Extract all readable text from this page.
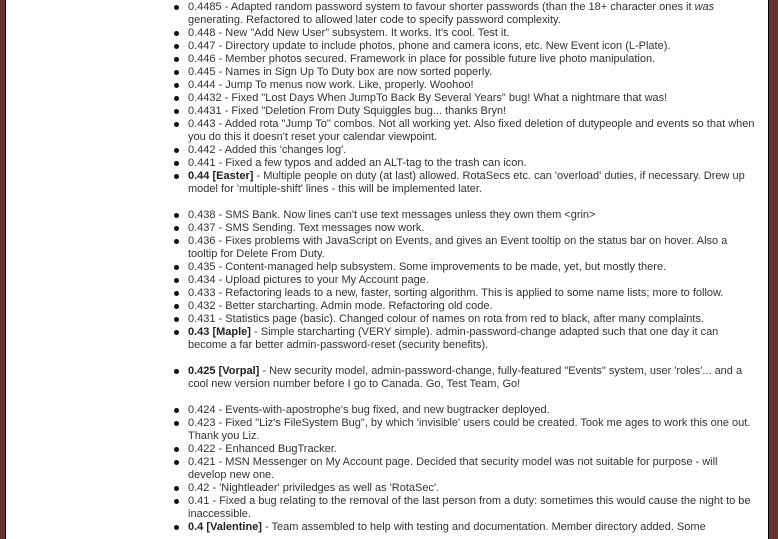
0.4485 - Adapted random password system to favour shorter passwords (than the 18+ character ones it was generating. Refactored to allowed later code to specify password complexity.
0.448 - New "Add New User" subsystem. It works. It's cool. Test it.
0.447 - Directory update to include photos, phone and camera icons, etc. New Event icon (L-Plate).
0.446 - Member photos secured. Framework in place for possible future live photo manipulation.
0.445 - Names in Sign Up To Duty box are now sorted poperly.
0.444 - Jump To menus now work. Like, properly. Woohoo!
0.4432 - Fixed "Lost Days When JumpTo Back By Several Years" bug! What a nightmare that was!
0.4431 - Fixed "Deletion From Duty Squiggles bug... thanks Bryn!
0.443 - Added rota "Jump To" combos. Not all working yet. Also fixed deletion of dutypeople and events so that when you do this it doesn't reset your calendar viewpoint.
0.442 - Added this 'changes log'.
0.441 - Fixed a few typos and added an ALT-tag to the trash can icon.
0.44 [Easter] - Multiple people on duty (at last) allowed. RotaSecs etc. can 'overload' duties, if necessary. Drew up model for 'multiple-shift' lines - this will be implemented later.
0.438 - SMS Bank. Now lines can't use text messages unless they own them <grin>
0.437 - SMS Sending. Text messages now work.
0.436 - Fixes problems with JavaScript on Events, and gives an Event tooltip on the status bar on hover. Also a tooltip for Delete From Duty.
0.435 - Content-managed help subsystem. Some improvements to be made, yet, but mostly there.
0.434 - Upload pictures to your My Account page.
0.433 - Refactoring leads to a new, faster, sorting algorithm. This is applied to some name lists; more to follow.
0.432 - Better starcharting. Admin mode. Refactoring old code.
0.431 - Statistics page (basic). Changed colour of names on rota from red to black, after many complaints.
0.43 [Maple] - Simple starcharting (VERY simple). admin-password-change adapted such that one day it can become a far better admin-password-reset (security benefits).
0.425 [Vorpal] - New security model, admin-password-change, fully-featured "Events" system, user 'roles'... and a cool new version number before I go to Canada. Go, Test Team, Go!
0.424 - Events-with-apostrophe's bug fixed, and new bugtracker deployed.
0.423 - Fixed "Liz's FileSystem Bug", by which 'invisible' users could be created. Took me ages to work this one out. Thank you Liz.
0.422 - Enhanced BugTracker.
0.421 - MSN Messenger on My Account page. Decided that security model was not suitable for purpose - will develop new one.
0.42 - 'Nightleader' priviledges as well as 'RotaSec'.
0.41 - Fixed a bug relating to the removal of the last person from a duty: sometimes this would cause the night to be inaccessible.
0.4 [Valentine] - Team assembled to help with testing and documentation. Member directory added. Some
